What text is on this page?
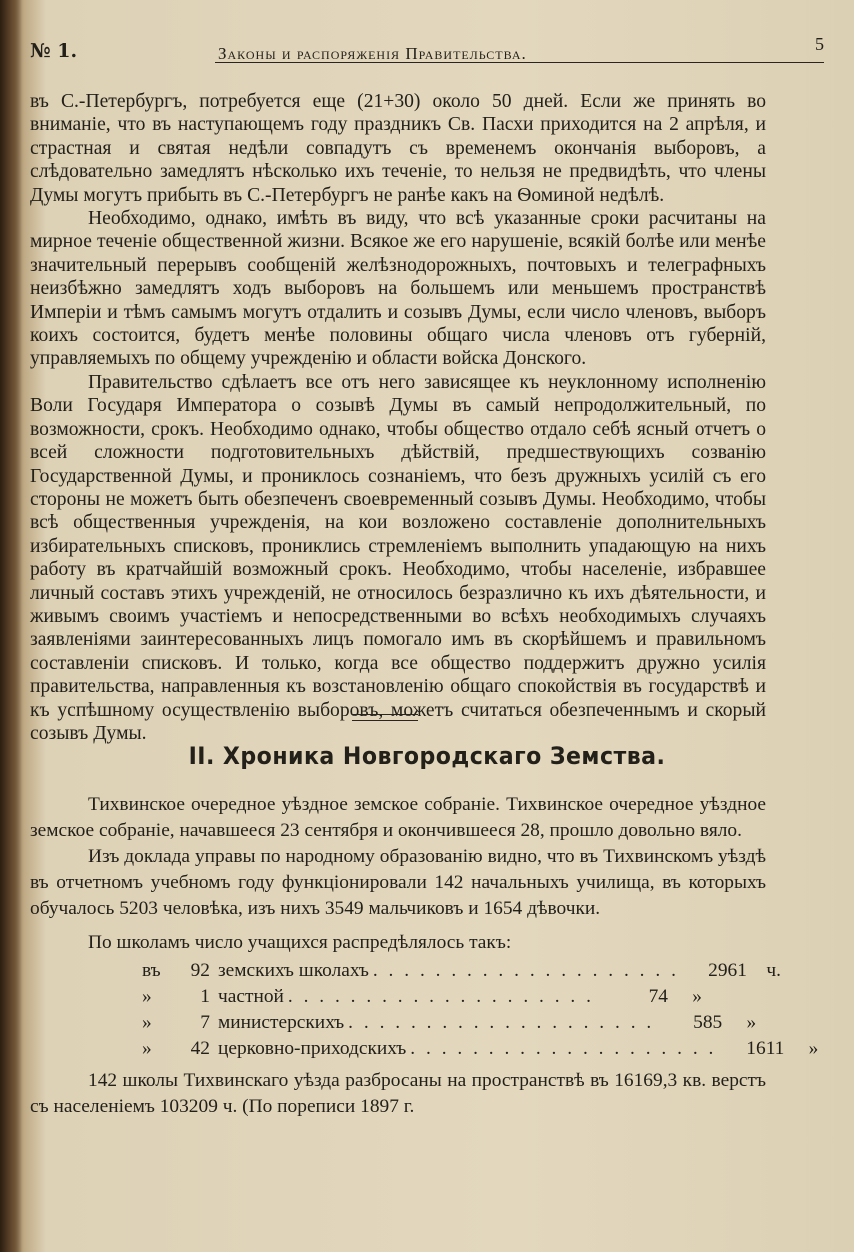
№ 1.	Законы и распоряженія Правительства.	5

въ С.-Петербургъ, потребуется еще (21+30) около 50 дней. Если же принять во вниманіе, что въ наступающемъ году праздникъ Св. Пасхи приходится на 2 апрѣля, и страстная и святая недѣли совпадутъ съ временемъ окончанія выборовъ, а слѣдовательно замедлятъ нѣсколько ихъ теченіе, то нельзя не предвидѣть, что члены Думы могутъ прибыть въ С.-Петербургъ не ранѣе какъ на Ѳоминой недѣлѣ.

Необходимо, однако, имѣть въ виду, что всѣ указанные сроки расчитаны на мирное теченіе общественной жизни. Всякое же его нарушеніе, всякій болѣе или менѣе значительный перерывъ сообщеній желѣзнодорожныхъ, почтовыхъ и телеграфныхъ неизбѣжно замедлятъ ходъ выборовъ на большемъ или меньшемъ пространствѣ Имперіи и тѣмъ самымъ могутъ отдалить и созывъ Думы, если число членовъ, выборъ коихъ состоится, будетъ менѣе половины общаго числа членовъ отъ губерній, управляемыхъ по общему учрежденію и области войска Донского.

Правительство сдѣлаетъ все отъ него зависящее къ неуклонному исполненію Воли Государя Императора о созывѣ Думы въ самый непродолжительный, по возможности, срокъ. Необходимо однако, чтобы общество отдало себѣ ясный отчетъ о всей сложности подготовительныхъ дѣйствій, предшествующихъ созванію Государственной Думы, и прониклось сознаніемъ, что безъ дружныхъ усилій съ его стороны не можетъ быть обезпеченъ своевременный созывъ Думы. Необходимо, чтобы всѣ общественныя учрежденія, на кои возложено составленіе дополнительныхъ избирательныхъ списковъ, прониклись стремленіемъ выполнить упадающую на нихъ работу въ кратчайшій возможный срокъ. Необходимо, чтобы населеніе, избравшее личный составъ этихъ учрежденій, не относилось безразлично къ ихъ дѣятельности, и живымъ своимъ участіемъ и непосредственными во всѣхъ необходимыхъ случаяхъ заявленіями заинтересованныхъ лицъ помогало имъ въ скорѣйшемъ и правильномъ составленіи списковъ. И только, когда все общество поддержитъ дружно усилія правительства, направленныя къ возстановленію общаго спокойствія въ государствѣ и къ успѣшному осуществленію выборовъ, можетъ считаться обезпеченнымъ и скорый созывъ Думы.

II. Хроника Новгородскаго Земства.

Тихвинское очередное уѣздное земское собраніе. Тихвинское очередное уѣздное земское собраніе, начавшееся 23 сентября и окончившееся 28, прошло довольно вяло.

Изъ доклада управы по народному образованію видно, что въ Тихвинскомъ уѣздѣ въ отчетномъ учебномъ году функціонировали 142 начальныхъ училища, въ которыхъ обучалось 5203 человѣка, изъ нихъ 3549 мальчиковъ и 1654 дѣвочки.

По школамъ число учащихся распредѣлялось такъ:

въ	92 земскихъ школахъ . . . . . . . . . . . . . . . . . . . .	2961 ч.
»	1 частной . . . . . . . . . . . . . . . . . . . .	74	»
»	7 министерскихъ . . . . . . . . . . . . . . . . . . . .	585	»
»	42 церковно-приходскихъ . . . . . . . . . . . . . . . . . . . .	1611	»

142 школы Тихвинскаго уѣзда разбросаны на пространствѣ въ 16169,3 кв. верстъ съ населеніемъ 103209 ч. (По пореписи 1897 г.
